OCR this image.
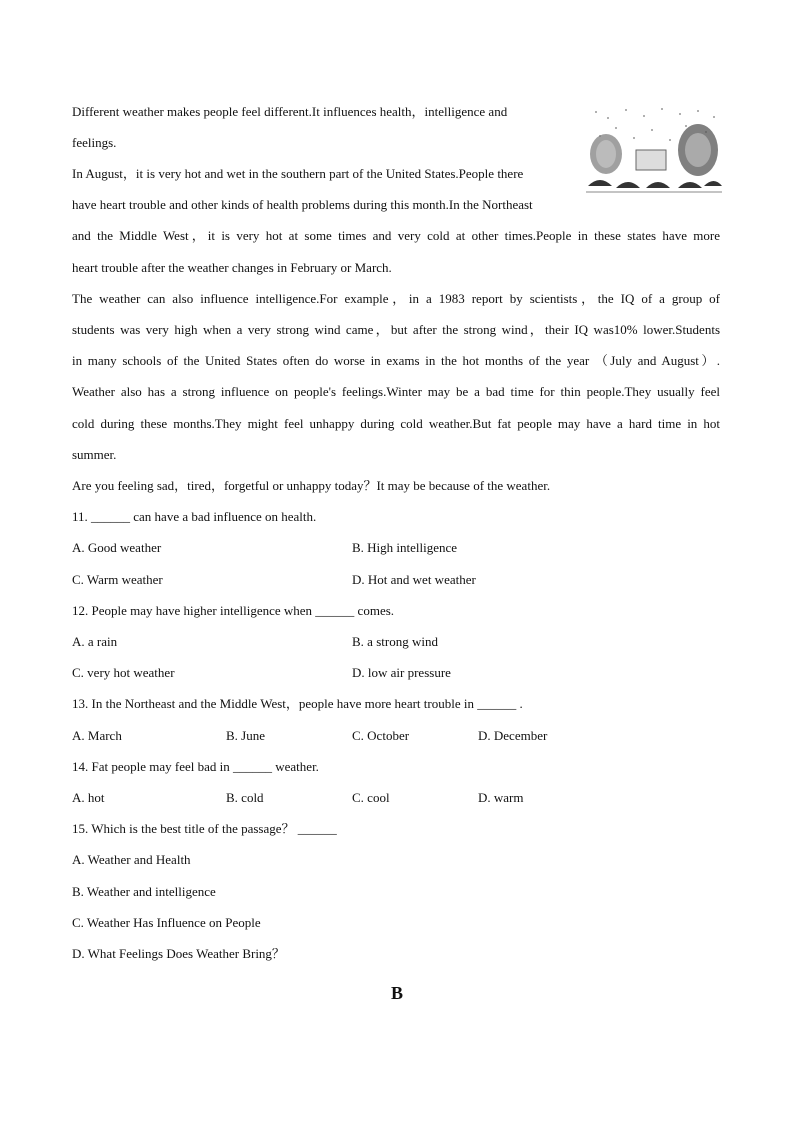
Different weather makes people feel different.It influences health，intelligence and
feelings.
In August，it is very hot and wet in the southern part of the United States.People there
have heart trouble and other kinds of health problems during this month.In the Northeast
and the Middle West，it is very hot at some times and very cold at other times.People in these states have more
heart trouble after the weather changes in February or March.
The weather can also influence intelligence.For example，in a 1983 report by scientists，the IQ of a group of
students was very high when a very strong wind came，but after the strong wind，their IQ was10% lower.Students
in many schools of the United States often do worse in exams in the hot months of the year （July and August）.
Weather also has a strong influence on people's feelings.Winter may be a bad time for thin people.They usually feel
cold during these months.They might feel unhappy during cold weather.But fat people may have a hard time in hot
summer.
Are you feeling sad，tired，forgetful or unhappy today？It may be because of the weather.
11. ______ can have a bad influence on health.
A. Good weather	B. High intelligence
C. Warm weather	D. Hot and wet weather
12. People may have higher intelligence when ______ comes.
A. a rain	B. a strong wind
C. very hot weather	D. low air pressure
13. In the Northeast and the Middle West，people have more heart trouble in ______ .
A. March	B. June	C. October	D. December
14. Fat people may feel bad in ______ weather.
A. hot	B. cold	C. cool	D. warm
15. Which is the best title of the passage？ ______
A. Weather and Health
B. Weather and intelligence
C. Weather Has Influence on People
D. What Feelings Does Weather Bring？
B
